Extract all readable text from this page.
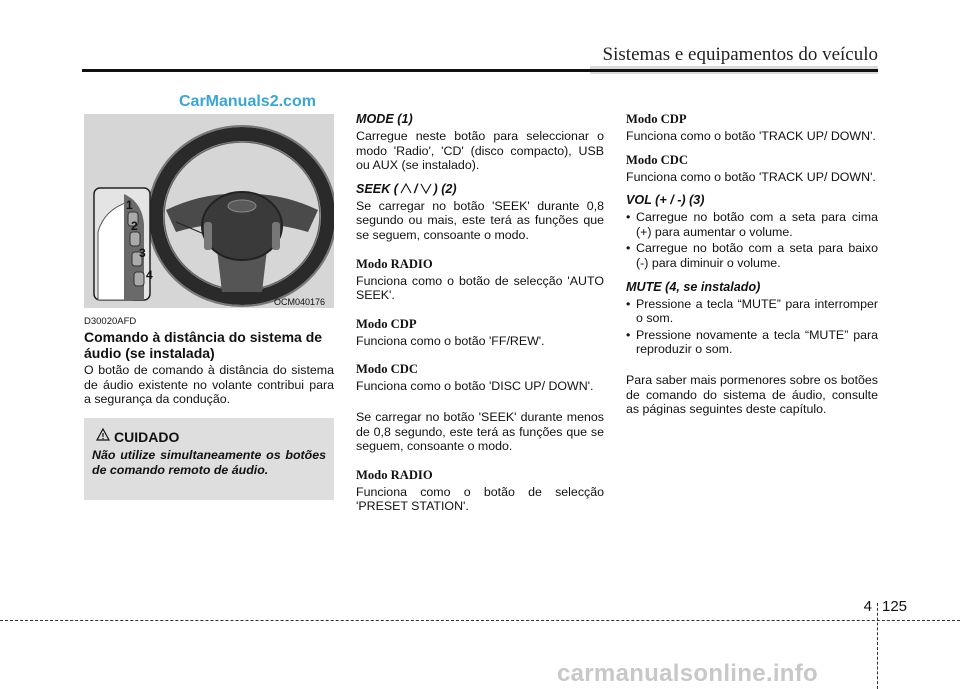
Sistemas e equipamentos do veículo
CarManuals2.com
1
2
3
4
OCM040176
D30020AFD
Comando à distância do sistema de áudio (se instalada)
O botão de comando à distância do sistema de áudio existente no volante contribui para a segurança da condução.
CUIDADO
Não utilize simultaneamente os botões de comando remoto de áudio.

MODE (1)

Carregue neste botão para seleccionar o modo 'Radio', 'CD' (disco compacto), USB ou AUX (se instalado).

SEEK ( / ) (2)

Se carregar no botão 'SEEK' durante 0,8 segundo ou mais, este terá as funções que se seguem, consoante o modo.

Modo RADIO

Funciona como o botão de selecção 'AUTO SEEK'.

Modo CDP

Funciona como o botão 'FF/REW'.

Modo CDC

Funciona como o botão 'DISC UP/ DOWN'.

Se carregar no botão 'SEEK' durante menos de 0,8 segundo, este terá as funções que se seguem, consoante o modo.

Modo RADIO

Funciona como o botão de selecção 'PRESET STATION'.

Modo CDP

Funciona como o botão 'TRACK UP/ DOWN'.

Modo CDC

Funciona como o botão 'TRACK UP/ DOWN'.

VOL (+ / -) (3)

• Carregue no botão com a seta para cima (+) para aumentar o volume.

• Carregue no botão com a seta para baixo (-) para diminuir o volume.

MUTE (4, se instalado)

• Pressione a tecla “MUTE” para interromper o som.

• Pressione novamente a tecla “MUTE” para reproduzir o som.

Para saber mais pormenores sobre os botões de comando do sistema de áudio, consulte as páginas seguintes deste capítulo.

4 125
carmanualsonline.info
